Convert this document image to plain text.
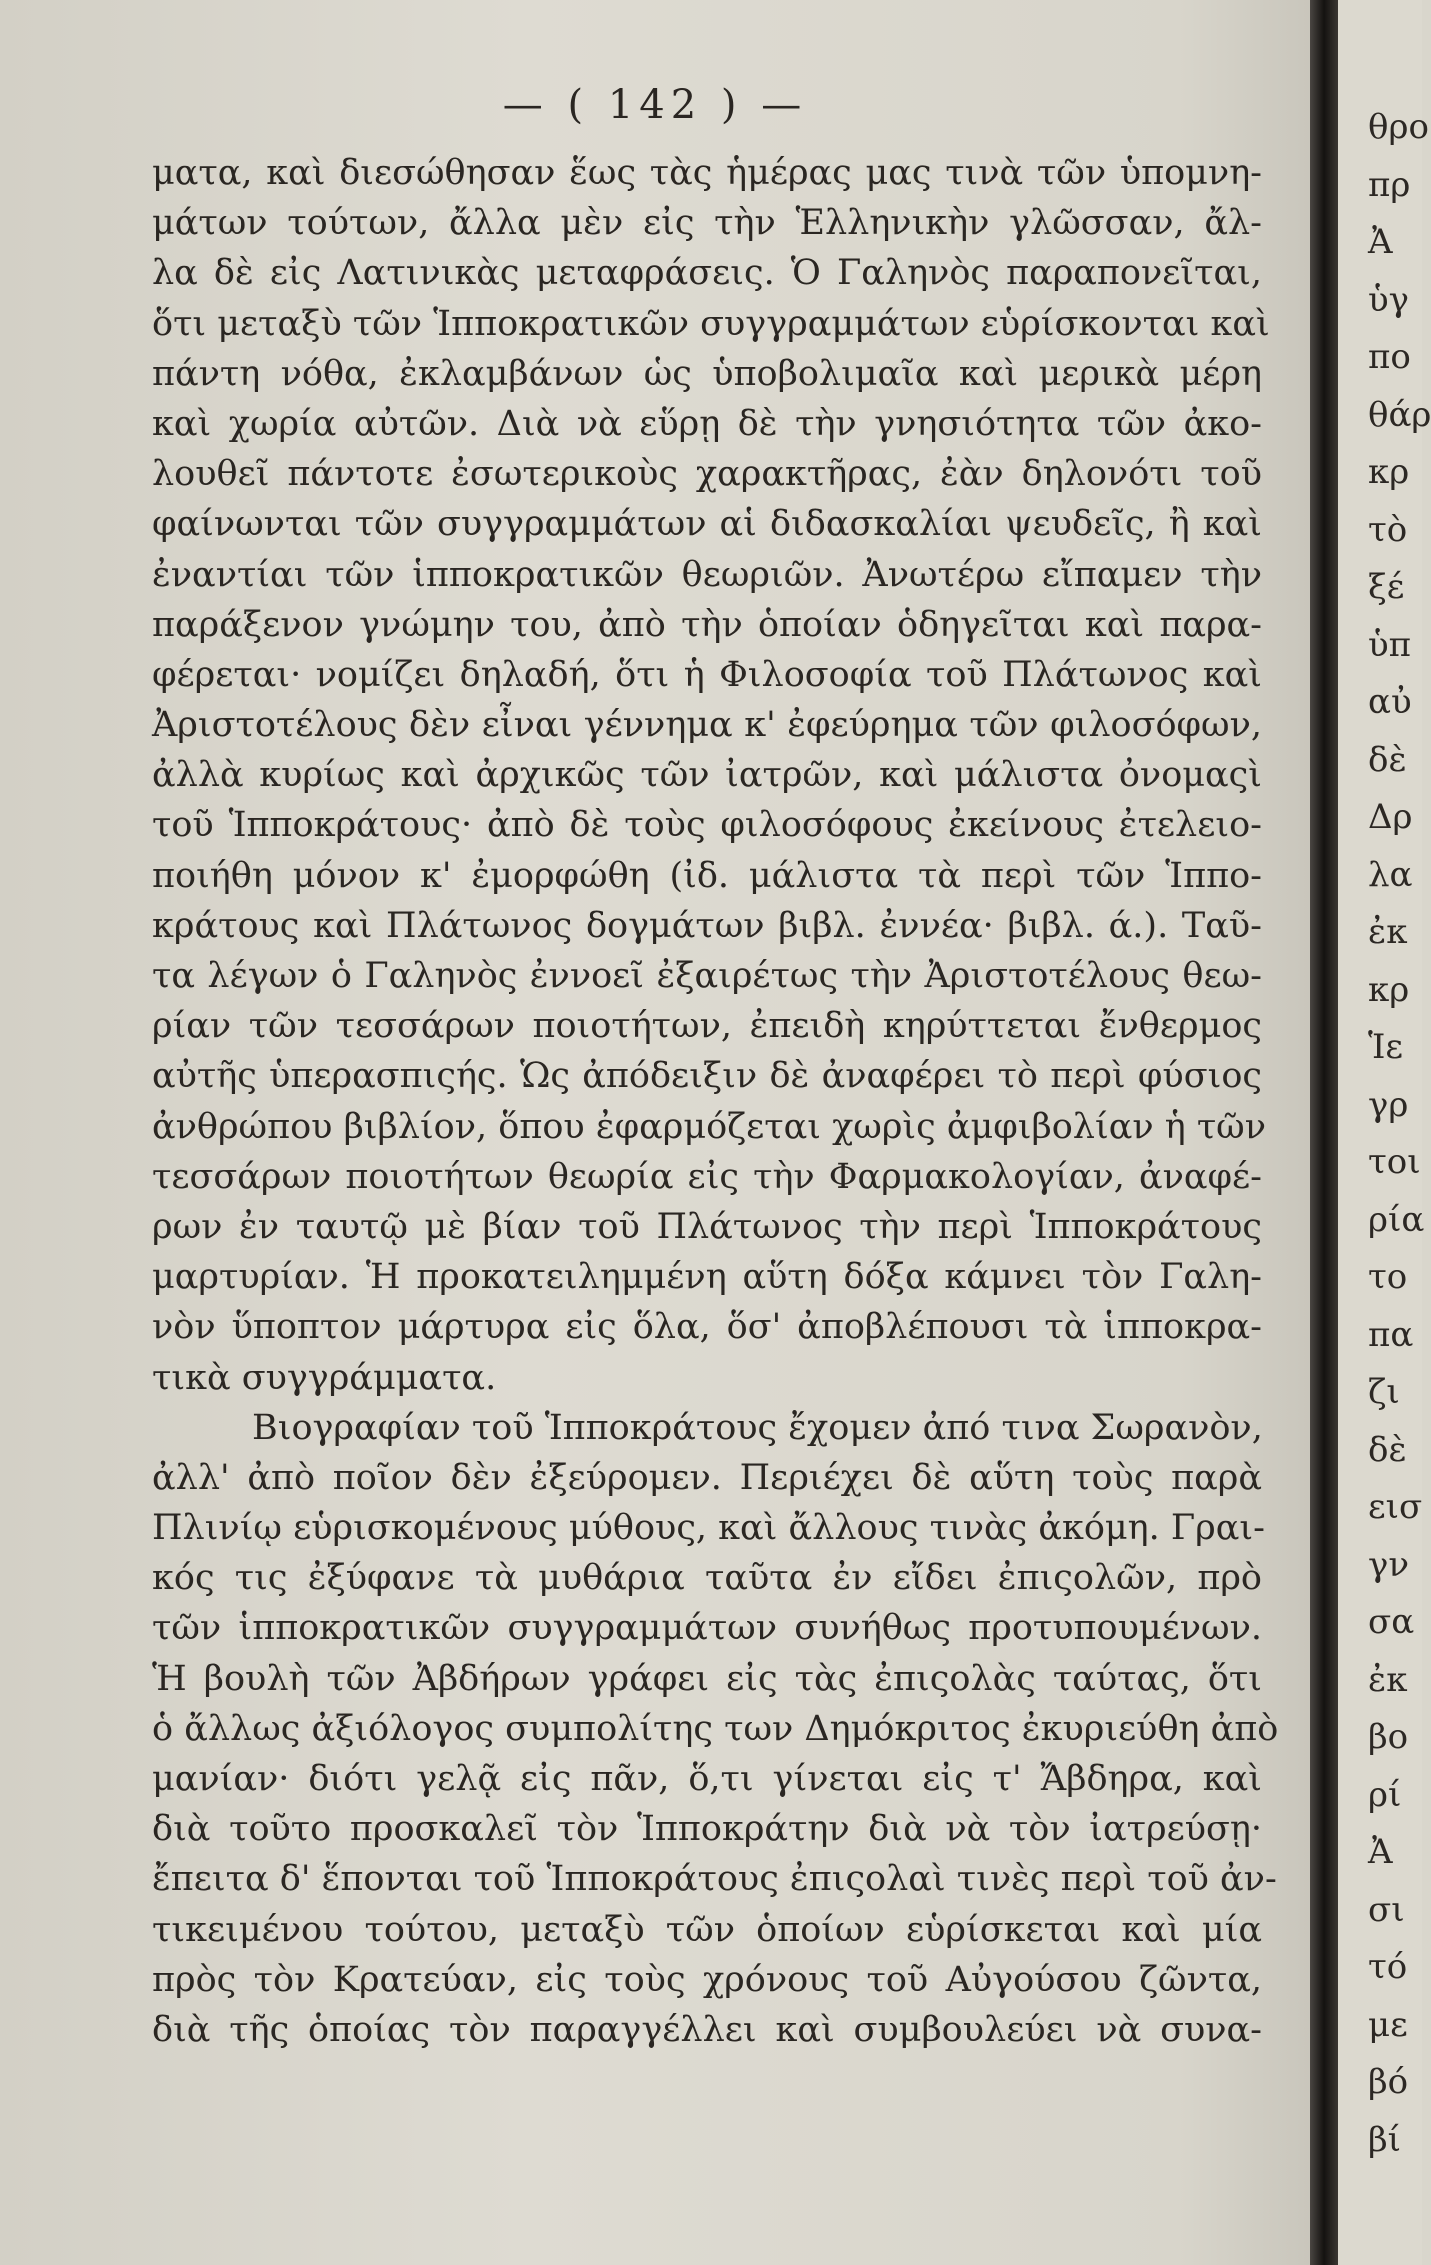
— ( 142 ) —
ματα, καὶ διεσώθησαν ἕως τὰς ἡμέρας μας τινὰ τῶν ὑπομνη-
μάτων τούτων, ἄλλα μὲν εἰς τὴν Ἑλληνικὴν γλῶσσαν, ἄλ-
λα δὲ εἰς Λατινικὰς μεταφράσεις. Ὁ Γαληνὸς παραπονεῖται,
ὅτι μεταξὺ τῶν Ἱπποκρατικῶν συγγραμμάτων εὑρίσκονται καὶ
πάντη νόθα, ἐκλαμβάνων ὡς ὑποβολιμαῖα καὶ μερικὰ μέρη
καὶ χωρία αὐτῶν. Διὰ νὰ εὕρῃ δὲ τὴν γνησιότητα τῶν ἀκο-
λουθεῖ πάντοτε ἐσωτερικοὺς χαρακτῆρας, ἐὰν δηλονότι τοῦ
φαίνωνται τῶν συγγραμμάτων αἱ διδασκαλίαι ψευδεῖς, ἢ καὶ
ἐναντίαι τῶν ἱπποκρατικῶν θεωριῶν. Ἀνωτέρω εἴπαμεν τὴν
παράξενον γνώμην του, ἀπὸ τὴν ὁποίαν ὁδηγεῖται καὶ παρα-
φέρεται· νομίζει δηλαδή, ὅτι ἡ Φιλοσοφία τοῦ Πλάτωνος καὶ
Ἀριστοτέλους δὲν εἶναι γέννημα κ' ἐφεύρημα τῶν φιλοσόφων,
ἀλλὰ κυρίως καὶ ἀρχικῶς τῶν ἰατρῶν, καὶ μάλιστα ὀνομαςὶ
τοῦ Ἱπποκράτους· ἀπὸ δὲ τοὺς φιλοσόφους ἐκείνους ἐτελειο-
ποιήθη μόνον κ' ἐμορφώθη (ἰδ. μάλιστα τὰ περὶ τῶν Ἱππο-
κράτους καὶ Πλάτωνος δογμάτων βιβλ. ἐννέα· βιβλ. ά.). Ταῦ-
τα λέγων ὁ Γαληνὸς ἐννοεῖ ἐξαιρέτως τὴν Ἀριστοτέλους θεω-
ρίαν τῶν τεσσάρων ποιοτήτων, ἐπειδὴ κηρύττεται ἔνθερμος
αὐτῆς ὑπερασπιςής. Ὡς ἀπόδειξιν δὲ ἀναφέρει τὸ περὶ φύσιος
ἀνθρώπου βιβλίον, ὅπου ἐφαρμόζεται χωρὶς ἀμφιβολίαν ἡ τῶν
τεσσάρων ποιοτήτων θεωρία εἰς τὴν Φαρμακολογίαν, ἀναφέ-
ρων ἐν ταυτῷ μὲ βίαν τοῦ Πλάτωνος τὴν περὶ Ἱπποκράτους
μαρτυρίαν. Ἡ προκατειλημμένη αὕτη δόξα κάμνει τὸν Γαλη-
νὸν ὕποπτον μάρτυρα εἰς ὅλα, ὅσ' ἀποβλέπουσι τὰ ἱπποκρα-
τικὰ συγγράμματα.
Βιογραφίαν τοῦ Ἱπποκράτους ἔχομεν ἀπό τινα Σωρανὸν,
ἀλλ' ἀπὸ ποῖον δὲν ἐξεύρομεν. Περιέχει δὲ αὕτη τοὺς παρὰ
Πλινίῳ εὑρισκομένους μύθους, καὶ ἄλλους τινὰς ἀκόμη. Γραι-
κός τις ἐξύφανε τὰ μυθάρια ταῦτα ἐν εἴδει ἐπιςολῶν, πρὸ
τῶν ἱπποκρατικῶν συγγραμμάτων συνήθως προτυπουμένων.
Ἡ βουλὴ τῶν Ἀβδήρων γράφει εἰς τὰς ἐπιςολὰς ταύτας, ὅτι
ὁ ἄλλως ἀξιόλογος συμπολίτης των Δημόκριτος ἐκυριεύθη ἀπὸ
μανίαν· διότι γελᾷ εἰς πᾶν, ὅ,τι γίνεται εἰς τ' Ἄβδηρα, καὶ
διὰ τοῦτο προσκαλεῖ τὸν Ἱπποκράτην διὰ νὰ τὸν ἰατρεύσῃ·
ἔπειτα δ' ἕπονται τοῦ Ἱπποκράτους ἐπιςολαὶ τινὲς περὶ τοῦ ἀν-
τικειμένου τούτου, μεταξὺ τῶν ὁποίων εὑρίσκεται καὶ μία
πρὸς τὸν Κρατεύαν, εἰς τοὺς χρόνους τοῦ Αὐγούσου ζῶντα,
διὰ τῆς ὁποίας τὸν παραγγέλλει καὶ συμβουλεύει νὰ συνα-
θρο
πρ
Ἀ
ὑγ
πο
θάρ
κρ
τὸ
ξέ
ὑπ
αὐ
δὲ
Δρ
λα
ἐκ
κρ
Ἱε
γρ
τοι
ρία
το
πα
ζι
δὲ
εισ
γν
σα
ἐκ
βο
ρί
Ἀ
σι
τό
με
βό
βί
